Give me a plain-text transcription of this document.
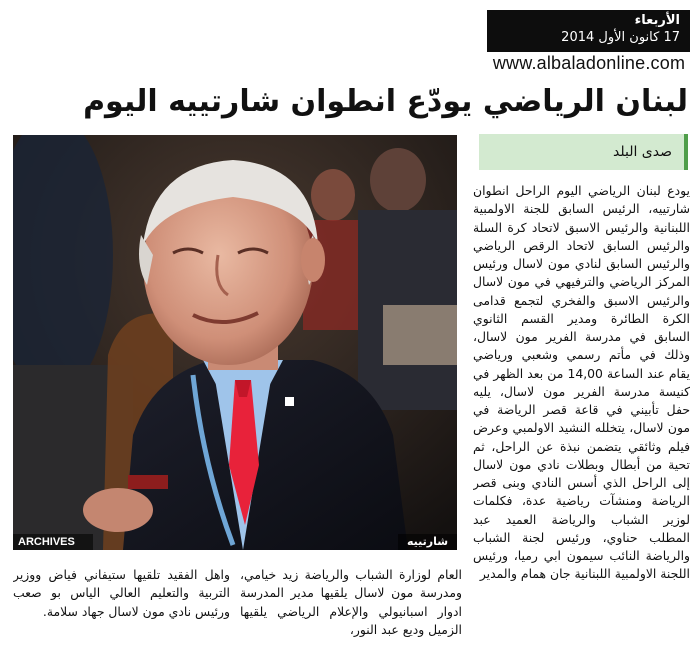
الأربعاء
17 كانون الأول 2014
www.albaladonline.com
لبنان الرياضي يودّع انطوان شارتييه اليوم
ARCHIVES	شارتييه
صدى البلد
يودع لبنان الرياضي اليوم الراحل انطوان شارتييه، الرئيس السابق للجنة الاولمبية اللبنانية والرئيس الاسبق لاتحاد كرة السلة والرئيس السابق لاتحاد الرقص الرياضي والرئيس السابق لنادي مون لاسال ورئيس المركز الرياضي والترفيهي في مون لاسال والرئيس الاسبق والفخري لتجمع قدامى الكرة الطائرة ومدير القسم الثانوي السابق في مدرسة الفرير مون لاسال، وذلك في مأتم رسمي وشعبي ورياضي يقام عند الساعة 14,00 من بعد الظهر في كنيسة مدرسة الفرير مون لاسال، يليه حفل تأبيني في قاعة قصر الرياضة في مون لاسال، يتخلله النشيد الاولمبي وعرض فيلم وثائقي يتضمن نبذة عن الراحل، ثم تحية من أبطال وبطلات نادي مون لاسال إلى الراحل الذي أسس النادي وبنى قصر الرياضة ومنشآت رياضية عدة، فكلمات لوزير الشباب والرياضة العميد عبد المطلب حناوي، ورئيس لجنة الشباب والرياضة النائب سيمون ابي رميا، ورئيس اللجنة الاولمبية اللبنانية جان همام والمدير
العام لوزارة الشباب والرياضة زيد خيامي، ومدرسة مون لاسال يلقيها مدير المدرسة ادوار اسبانيولي والإعلام الرياضي يلقيها الزميل وديع عبد النور،
واهل الفقيد تلقيها ستيفاني فياض ووزير التربية والتعليم العالي الياس بو صعب ورئيس نادي مون لاسال جهاد سلامة.
